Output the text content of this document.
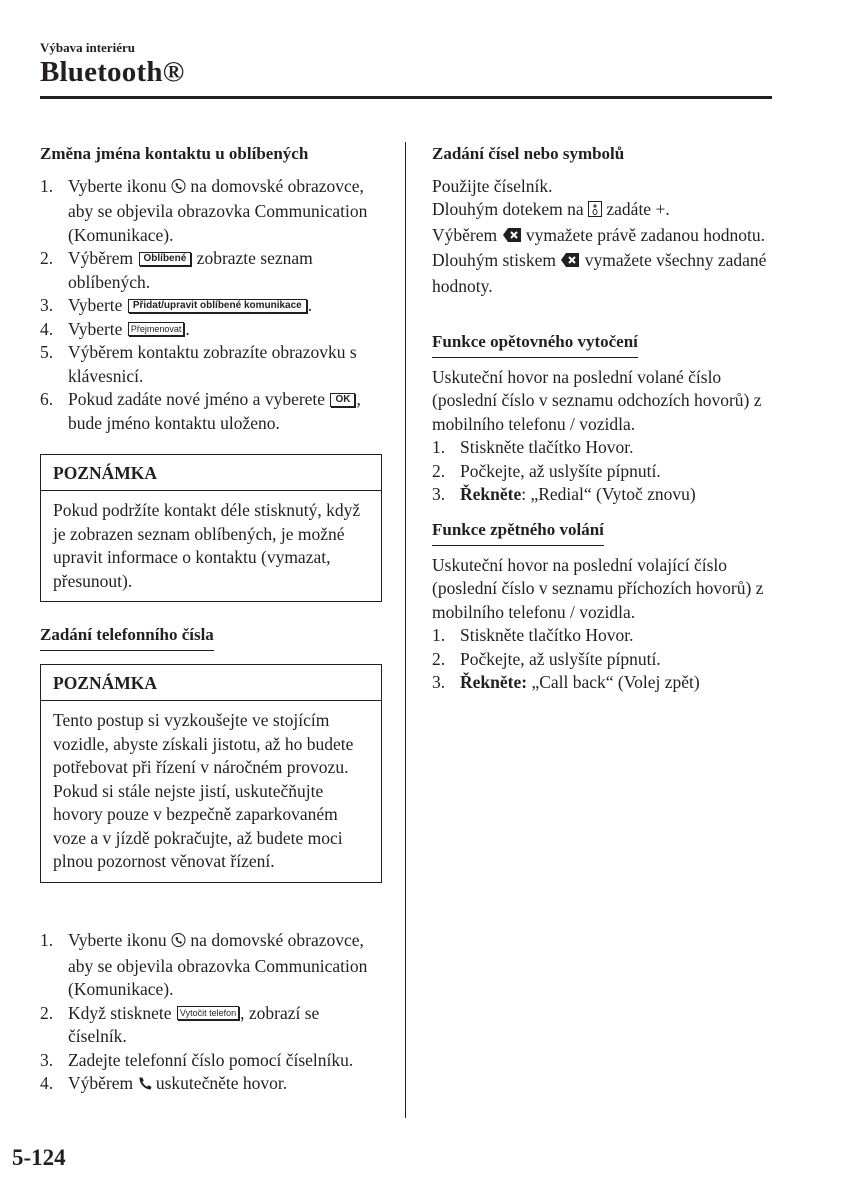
Výbava interiéru
Bluetooth®

Změna jména kontaktu u oblíbených

1. Vyberte ikonu  na domovské obrazovce, aby se objevila obrazovka Communication (Komunikace).
2. Výběrem Oblíbené zobrazte seznam oblíbených.
3. Vyberte Přidat/upravit oblíbené komunikace .
4. Vyberte Přejmenovat .
5. Výběrem kontaktu zobrazíte obrazovku s klávesnicí.
6. Pokud zadáte nové jméno a vyberete OK , bude jméno kontaktu uloženo.
POZNÁMKA
Pokud podržíte kontakt déle stisknutý, když je zobrazen seznam oblíbených, je možné upravit informace o kontaktu (vymazat, přesunout).
Zadání telefonního čísla
POZNÁMKA
Tento postup si vyzkoušejte ve stojícím vozidle, abyste získali jistotu, až ho budete potřebovat při řízení v náročném provozu. Pokud si stále nejste jistí, uskutečňujte hovory pouze v bezpečně zaparkovaném voze a v jízdě pokračujte, až budete moci plnou pozornost věnovat řízení.
1. Vyberte ikonu  na domovské obrazovce, aby se objevila obrazovka Communication (Komunikace).
2. Když stisknete Vytočit telefon , zobrazí se číselník.
3. Zadejte telefonní číslo pomocí číselníku.
4. Výběrem  uskutečněte hovor.

Zadání čísel nebo symbolů

Použijte číselník.

Dlouhým dotekem na  zadáte +.

Výběrem  vymažete právě zadanou hodnotu.

Dlouhým stiskem  vymažete všechny zadané hodnoty.

Funkce opětovného vytočení

Uskuteční hovor na poslední volané číslo (poslední číslo v seznamu odchozích hovorů) z mobilního telefonu / vozidla.

1. Stiskněte tlačítko Hovor.
2. Počkejte, až uslyšíte pípnutí.
3. Řekněte: „Redial“ (Vytoč znovu)
Funkce zpětného volání

Uskuteční hovor na poslední volající číslo (poslední číslo v seznamu příchozích hovorů) z mobilního telefonu / vozidla.

1. Stiskněte tlačítko Hovor.
2. Počkejte, až uslyšíte pípnutí.
3. Řekněte: „Call back“ (Volej zpět)
5-124
